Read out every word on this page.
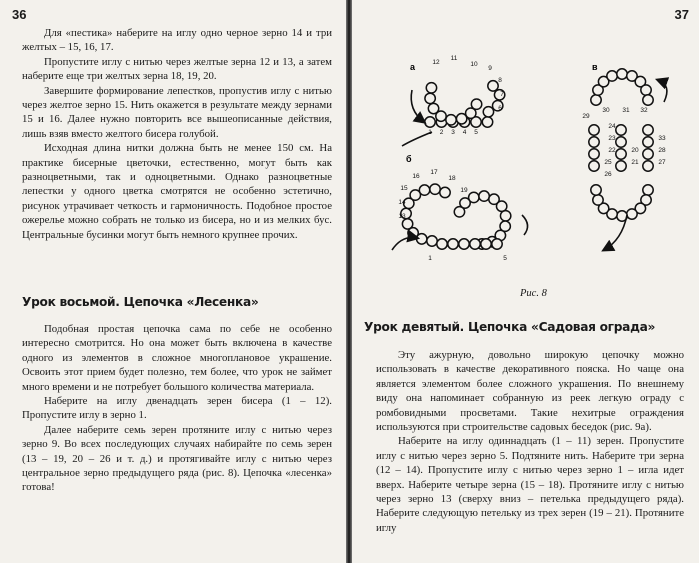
36

Для «пестика» наберите на иглу одно черное зерно 14 и три желтых – 15, 16, 17.

Пропустите иглу с нитью через желтые зерна 12 и 13, а затем наберите еще три желтых зерна 18, 19, 20.

Завершите формирование лепестков, пропустив иглу с нитью через желтое зерно 15. Нить окажется в результате между зернами 15 и 16. Далее нужно повторить все вышеописанные действия, лишь взяв вместо желтого бисера голубой.

Исходная длина нитки должна быть не менее 150 см. На практике бисерные цветочки, естественно, могут быть как разноцветными, так и одноцветными. Однако разноцветные лепестки у одного цветка смотрятся не особенно эстетично, рисунок утрачивает четкость и гармоничность. Подобное простое ожерелье можно собрать не только из бисера, но и из мелких бус. Центральные бусинки могут быть немного крупнее прочих.

Урок восьмой. Цепочка «Лесенка»

Подобная простая цепочка сама по себе не особенно интересно смотрится. Но она может быть включена в качестве одного из элементов в сложное многоплановое украшение. Освоить этот прием будет полезно, тем более, что урок не займет много времени и не потребует большого количества материала.

Наберите на иглу двенадцать зерен бисера (1 – 12). Пропустите иглу в зерно 1.

Далее наберите семь зерен протяните иглу с нитью через зерно 9. Во всех последующих случаях набирайте по семь зерен (13 – 19, 20 – 26 и т. д.) и протягивайте иглу с нитью через центральное зерно предыдущего ряда (рис. 8). Цепочка «лесенка» готова!

37
1 2 3 4 5
6
7
8
9
10
11
12
1	5
13
14
15
16
17
18
19
20
21
22
23
24
25
26
27
28
29
30 31 32
33
а
б
в
Рис. 8
Урок девятый. Цепочка «Садовая ограда»

Эту ажурную, довольно широкую цепочку можно использовать в качестве декоративного пояска. Но чаще она является элементом более сложного украшения. По внешнему виду она напоминает собранную из реек легкую ограду с ромбовидными просветами. Такие нехитрые ограждения используются при строительстве садовых беседок (рис. 9а).

Наберите на иглу одиннадцать (1 – 11) зерен. Пропустите иглу с нитью через зерно 5. Подтяните нить. Наберите три зерна (12 – 14). Пропустите иглу с нитью через зерно 1 – игла идет вверх. Наберите четыре зерна (15 – 18). Протяните иглу с нитью через зерно 13 (сверху вниз – петелька предыдущего ряда). Наберите следующую петельку из трех зерен (19 – 21). Протяните иглу
